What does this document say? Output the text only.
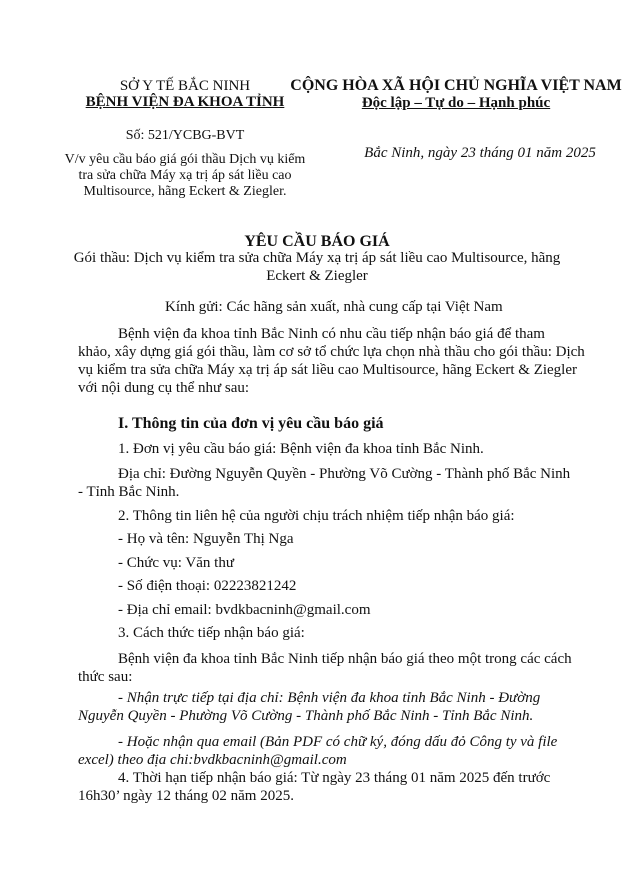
SỞ Y TẾ BẮC NINH
BỆNH VIỆN ĐA KHOA TỈNH
Số: 521/YCBG-BVT
V/v yêu cầu báo giá gói thầu Dịch vụ kiểm
tra sửa chữa Máy xạ trị áp sát liều cao
Multisource, hãng Eckert & Ziegler.
CỘNG HÒA XÃ HỘI CHỦ NGHĨA VIỆT NAM
Độc lập – Tự do – Hạnh phúc
Bắc Ninh, ngày 23 tháng 01 năm 2025
YÊU CẦU BÁO GIÁ
Gói thầu: Dịch vụ kiểm tra sửa chữa Máy xạ trị áp sát liều cao Multisource, hãng
Eckert & Ziegler
Kính gửi: Các hãng sản xuất, nhà cung cấp tại Việt Nam
Bệnh viện đa khoa tỉnh Bắc Ninh có nhu cầu tiếp nhận báo giá để tham
khảo, xây dựng giá gói thầu, làm cơ sở tổ chức lựa chọn nhà thầu cho gói thầu: Dịch
vụ kiểm tra sửa chữa Máy xạ trị áp sát liều cao Multisource, hãng Eckert & Ziegler
với nội dung cụ thể như sau:
I. Thông tin của đơn vị yêu cầu báo giá
1. Đơn vị yêu cầu báo giá: Bệnh viện đa khoa tỉnh Bắc Ninh.
Địa chỉ: Đường Nguyễn Quyền - Phường Võ Cường - Thành phố Bắc Ninh
- Tỉnh Bắc Ninh.
2. Thông tin liên hệ của người chịu trách nhiệm tiếp nhận báo giá:
- Họ và tên: Nguyễn Thị Nga
- Chức vụ: Văn thư
- Số điện thoại: 02223821242
- Địa chỉ email: bvdkbacninh@gmail.com
3. Cách thức tiếp nhận báo giá:
Bệnh viện đa khoa tỉnh Bắc Ninh tiếp nhận báo giá theo một trong các cách
thức sau:
- Nhận trực tiếp tại địa chỉ: Bệnh viện đa khoa tỉnh Bắc Ninh - Đường
Nguyễn Quyền - Phường Võ Cường - Thành phố Bắc Ninh - Tỉnh Bắc Ninh.
- Hoặc nhận qua email (Bản PDF có chữ ký, đóng dấu đỏ Công ty và file
excel) theo địa chi:bvdkbacninh@gmail.com
4. Thời hạn tiếp nhận báo giá: Từ ngày 23 tháng 01 năm 2025 đến trước
16h30’ ngày 12 tháng 02 năm 2025.
